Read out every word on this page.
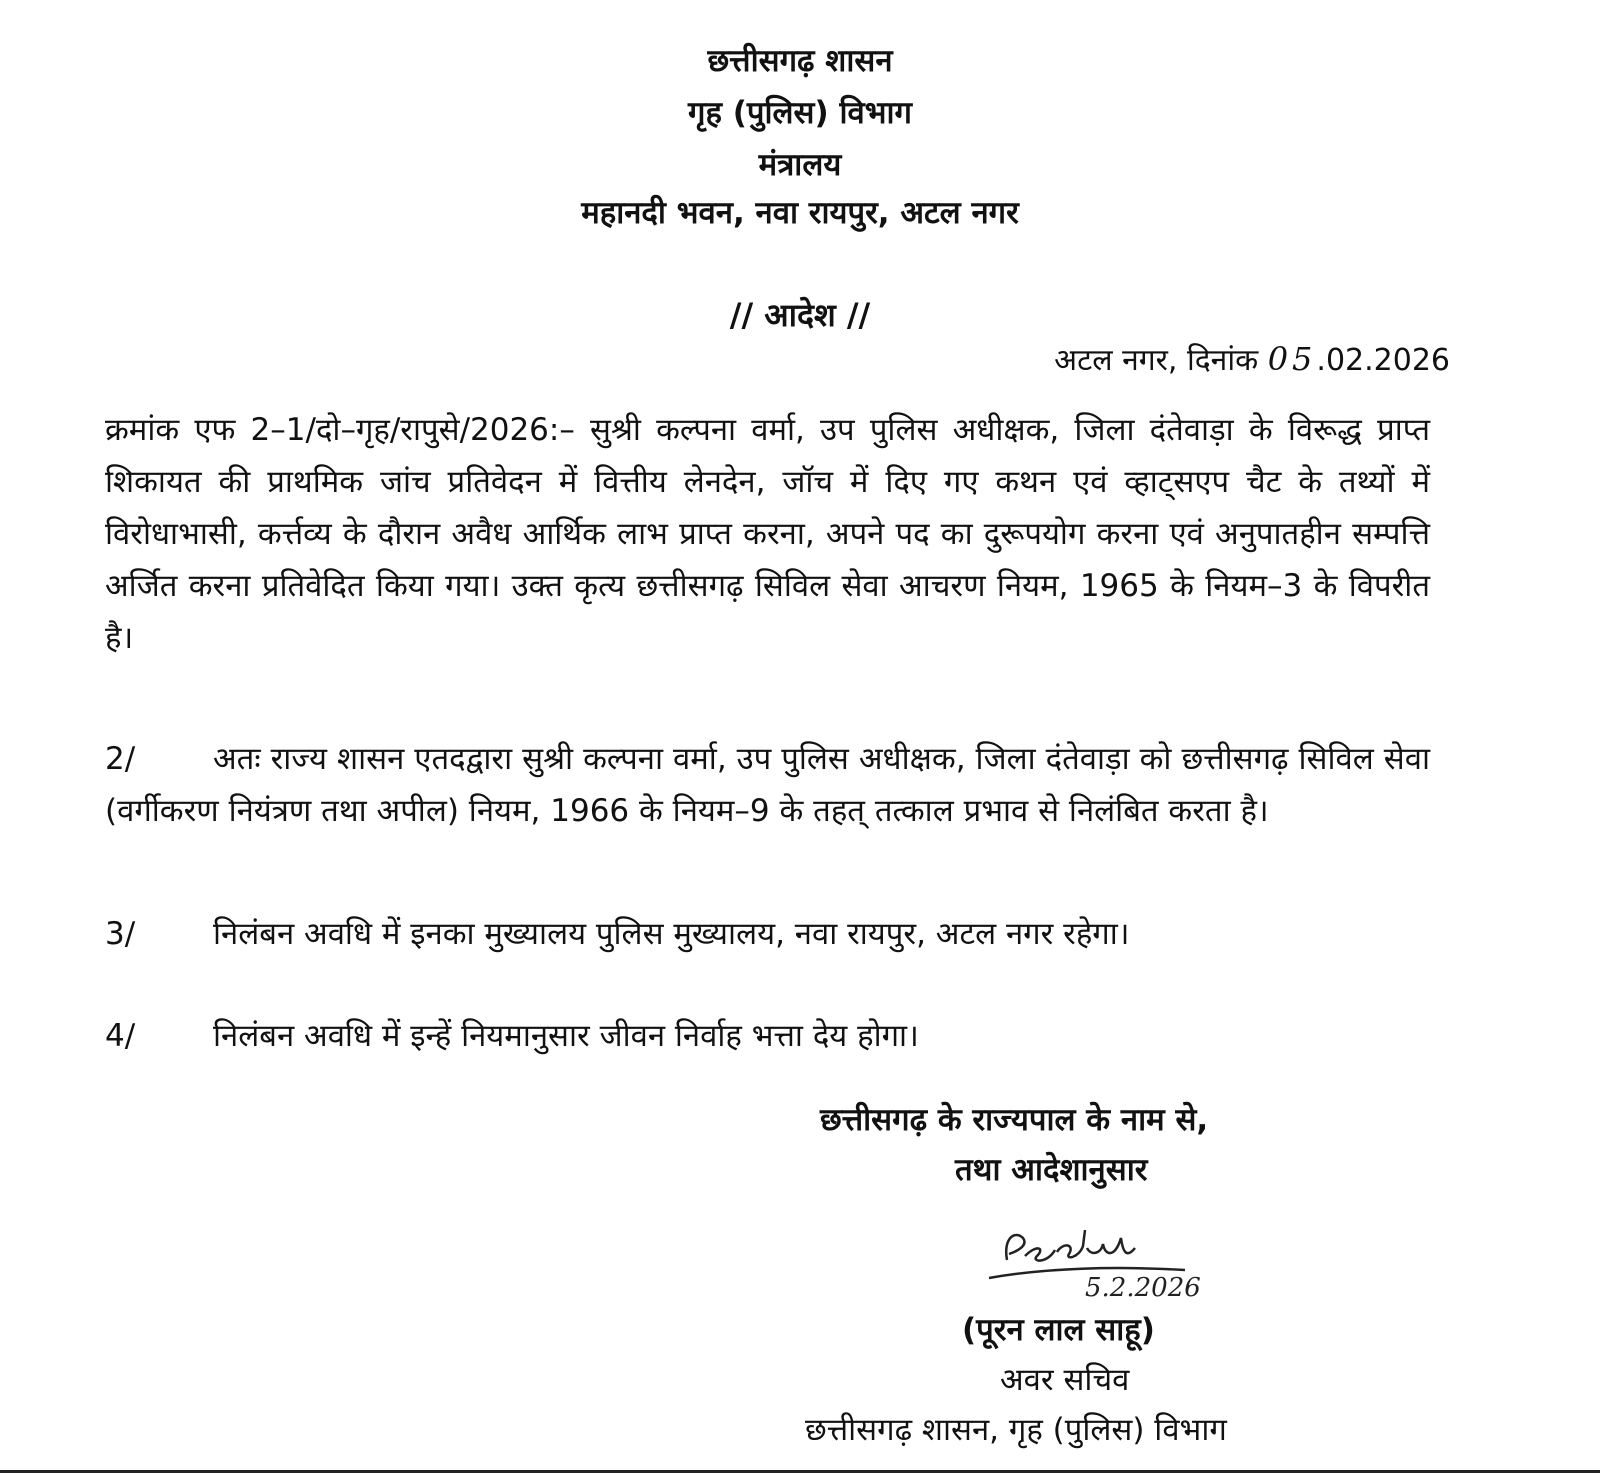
छत्तीसगढ़ शासन
गृह (पुलिस) विभाग
मंत्रालय
महानदी भवन, नवा रायपुर, अटल नगर
// आदेश //
अटल नगर, दिनांक 05.02.2026
क्रमांक एफ 2–1/दो–गृह/रापुसे/2026:– सुश्री कल्पना वर्मा, उप पुलिस अधीक्षक, जिला दंतेवाड़ा के विरूद्ध प्राप्त शिकायत की प्राथमिक जांच प्रतिवेदन में वित्तीय लेनदेन, जॉच में दिए गए कथन एवं व्हाट्सएप चैट के तथ्यों में विरोधाभासी, कर्त्तव्य के दौरान अवैध आर्थिक लाभ प्राप्त करना, अपने पद का दुरूपयोग करना एवं अनुपातहीन सम्पत्ति अर्जित करना प्रतिवेदित किया गया। उक्त कृत्य छत्तीसगढ़ सिविल सेवा आचरण नियम, 1965 के नियम–3 के विपरीत है।
2/	अतः राज्य शासन एतदद्वारा सुश्री कल्पना वर्मा, उप पुलिस अधीक्षक, जिला दंतेवाड़ा को छत्तीसगढ़ सिविल सेवा (वर्गीकरण नियंत्रण तथा अपील) नियम, 1966 के नियम–9 के तहत् तत्काल प्रभाव से निलंबित करता है।
3/	निलंबन अवधि में इनका मुख्यालय पुलिस मुख्यालय, नवा रायपुर, अटल नगर रहेगा।
4/	निलंबन अवधि में इन्हें नियमानुसार जीवन निर्वाह भत्ता देय होगा।
छत्तीसगढ़ के राज्यपाल के नाम से,
तथा आदेशानुसार
5.2.2026
(पूरन लाल साहू)
अवर सचिव
छत्तीसगढ़ शासन, गृह (पुलिस) विभाग
